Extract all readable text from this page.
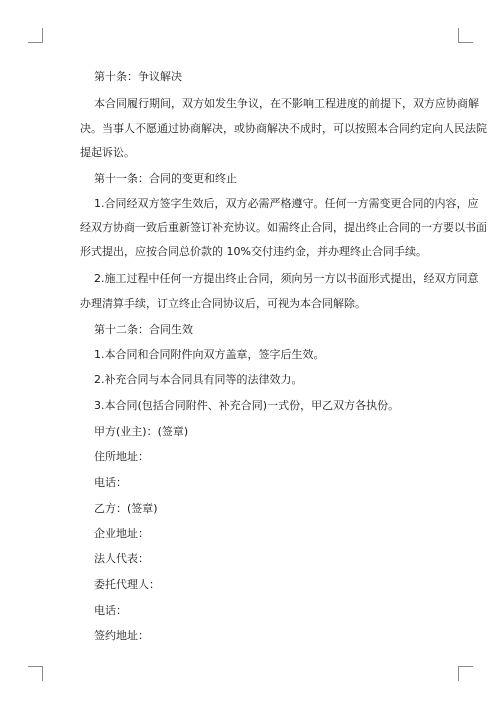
第十条：争议解决
本合同履行期间，双方如发生争议，在不影响工程进度的前提下，双方应协商解
决。当事人不愿通过协商解决，或协商解决不成时，可以按照本合同约定向人民法院
提起诉讼。
第十一条：合同的变更和终止
1.合同经双方签字生效后，双方必需严格遵守。任何一方需变更合同的内容，应
经双方协商一致后重新签订补充协议。如需终止合同，提出终止合同的一方要以书面
形式提出，应按合同总价款的 10%交付违约金，并办理终止合同手续。
2.施工过程中任何一方提出终止合同，须向另一方以书面形式提出，经双方同意
办理清算手续，订立终止合同协议后，可视为本合同解除。
第十二条：合同生效
1.本合同和合同附件向双方盖章，签字后生效。
2.补充合同与本合同具有同等的法律效力。
3.本合同(包括合同附件、补充合同)一式份，甲乙双方各执份。
甲方(业主)：(签章)
住所地址：
电话：
乙方：(签章)
企业地址：
法人代表：
委托代理人：
电话：
签约地址：
